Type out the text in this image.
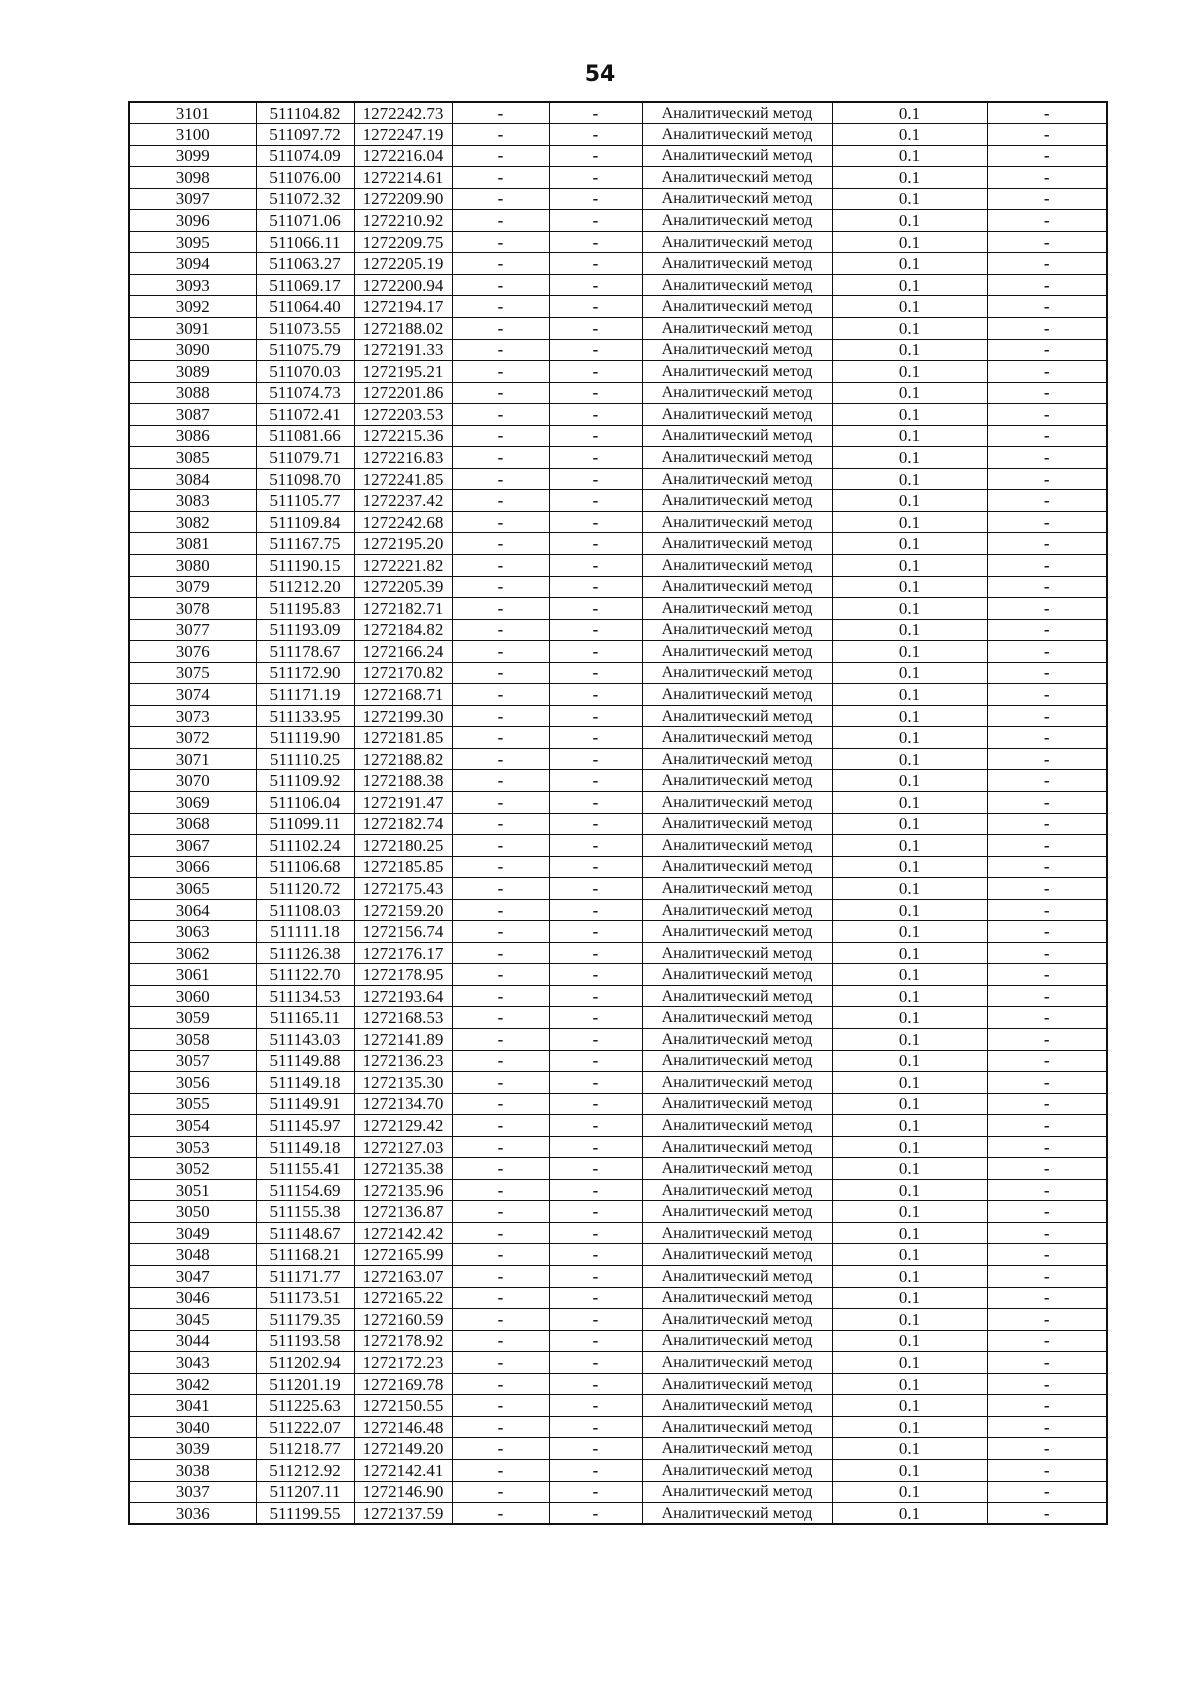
54
3101	511104.82	1272242.73	-	-	Аналитический метод	0.1	-
3100	511097.72	1272247.19	-	-	Аналитический метод	0.1	-
3099	511074.09	1272216.04	-	-	Аналитический метод	0.1	-
3098	511076.00	1272214.61	-	-	Аналитический метод	0.1	-
3097	511072.32	1272209.90	-	-	Аналитический метод	0.1	-
3096	511071.06	1272210.92	-	-	Аналитический метод	0.1	-
3095	511066.11	1272209.75	-	-	Аналитический метод	0.1	-
3094	511063.27	1272205.19	-	-	Аналитический метод	0.1	-
3093	511069.17	1272200.94	-	-	Аналитический метод	0.1	-
3092	511064.40	1272194.17	-	-	Аналитический метод	0.1	-
3091	511073.55	1272188.02	-	-	Аналитический метод	0.1	-
3090	511075.79	1272191.33	-	-	Аналитический метод	0.1	-
3089	511070.03	1272195.21	-	-	Аналитический метод	0.1	-
3088	511074.73	1272201.86	-	-	Аналитический метод	0.1	-
3087	511072.41	1272203.53	-	-	Аналитический метод	0.1	-
3086	511081.66	1272215.36	-	-	Аналитический метод	0.1	-
3085	511079.71	1272216.83	-	-	Аналитический метод	0.1	-
3084	511098.70	1272241.85	-	-	Аналитический метод	0.1	-
3083	511105.77	1272237.42	-	-	Аналитический метод	0.1	-
3082	511109.84	1272242.68	-	-	Аналитический метод	0.1	-
3081	511167.75	1272195.20	-	-	Аналитический метод	0.1	-
3080	511190.15	1272221.82	-	-	Аналитический метод	0.1	-
3079	511212.20	1272205.39	-	-	Аналитический метод	0.1	-
3078	511195.83	1272182.71	-	-	Аналитический метод	0.1	-
3077	511193.09	1272184.82	-	-	Аналитический метод	0.1	-
3076	511178.67	1272166.24	-	-	Аналитический метод	0.1	-
3075	511172.90	1272170.82	-	-	Аналитический метод	0.1	-
3074	511171.19	1272168.71	-	-	Аналитический метод	0.1	-
3073	511133.95	1272199.30	-	-	Аналитический метод	0.1	-
3072	511119.90	1272181.85	-	-	Аналитический метод	0.1	-
3071	511110.25	1272188.82	-	-	Аналитический метод	0.1	-
3070	511109.92	1272188.38	-	-	Аналитический метод	0.1	-
3069	511106.04	1272191.47	-	-	Аналитический метод	0.1	-
3068	511099.11	1272182.74	-	-	Аналитический метод	0.1	-
3067	511102.24	1272180.25	-	-	Аналитический метод	0.1	-
3066	511106.68	1272185.85	-	-	Аналитический метод	0.1	-
3065	511120.72	1272175.43	-	-	Аналитический метод	0.1	-
3064	511108.03	1272159.20	-	-	Аналитический метод	0.1	-
3063	511111.18	1272156.74	-	-	Аналитический метод	0.1	-
3062	511126.38	1272176.17	-	-	Аналитический метод	0.1	-
3061	511122.70	1272178.95	-	-	Аналитический метод	0.1	-
3060	511134.53	1272193.64	-	-	Аналитический метод	0.1	-
3059	511165.11	1272168.53	-	-	Аналитический метод	0.1	-
3058	511143.03	1272141.89	-	-	Аналитический метод	0.1	-
3057	511149.88	1272136.23	-	-	Аналитический метод	0.1	-
3056	511149.18	1272135.30	-	-	Аналитический метод	0.1	-
3055	511149.91	1272134.70	-	-	Аналитический метод	0.1	-
3054	511145.97	1272129.42	-	-	Аналитический метод	0.1	-
3053	511149.18	1272127.03	-	-	Аналитический метод	0.1	-
3052	511155.41	1272135.38	-	-	Аналитический метод	0.1	-
3051	511154.69	1272135.96	-	-	Аналитический метод	0.1	-
3050	511155.38	1272136.87	-	-	Аналитический метод	0.1	-
3049	511148.67	1272142.42	-	-	Аналитический метод	0.1	-
3048	511168.21	1272165.99	-	-	Аналитический метод	0.1	-
3047	511171.77	1272163.07	-	-	Аналитический метод	0.1	-
3046	511173.51	1272165.22	-	-	Аналитический метод	0.1	-
3045	511179.35	1272160.59	-	-	Аналитический метод	0.1	-
3044	511193.58	1272178.92	-	-	Аналитический метод	0.1	-
3043	511202.94	1272172.23	-	-	Аналитический метод	0.1	-
3042	511201.19	1272169.78	-	-	Аналитический метод	0.1	-
3041	511225.63	1272150.55	-	-	Аналитический метод	0.1	-
3040	511222.07	1272146.48	-	-	Аналитический метод	0.1	-
3039	511218.77	1272149.20	-	-	Аналитический метод	0.1	-
3038	511212.92	1272142.41	-	-	Аналитический метод	0.1	-
3037	511207.11	1272146.90	-	-	Аналитический метод	0.1	-
3036	511199.55	1272137.59	-	-	Аналитический метод	0.1	-
